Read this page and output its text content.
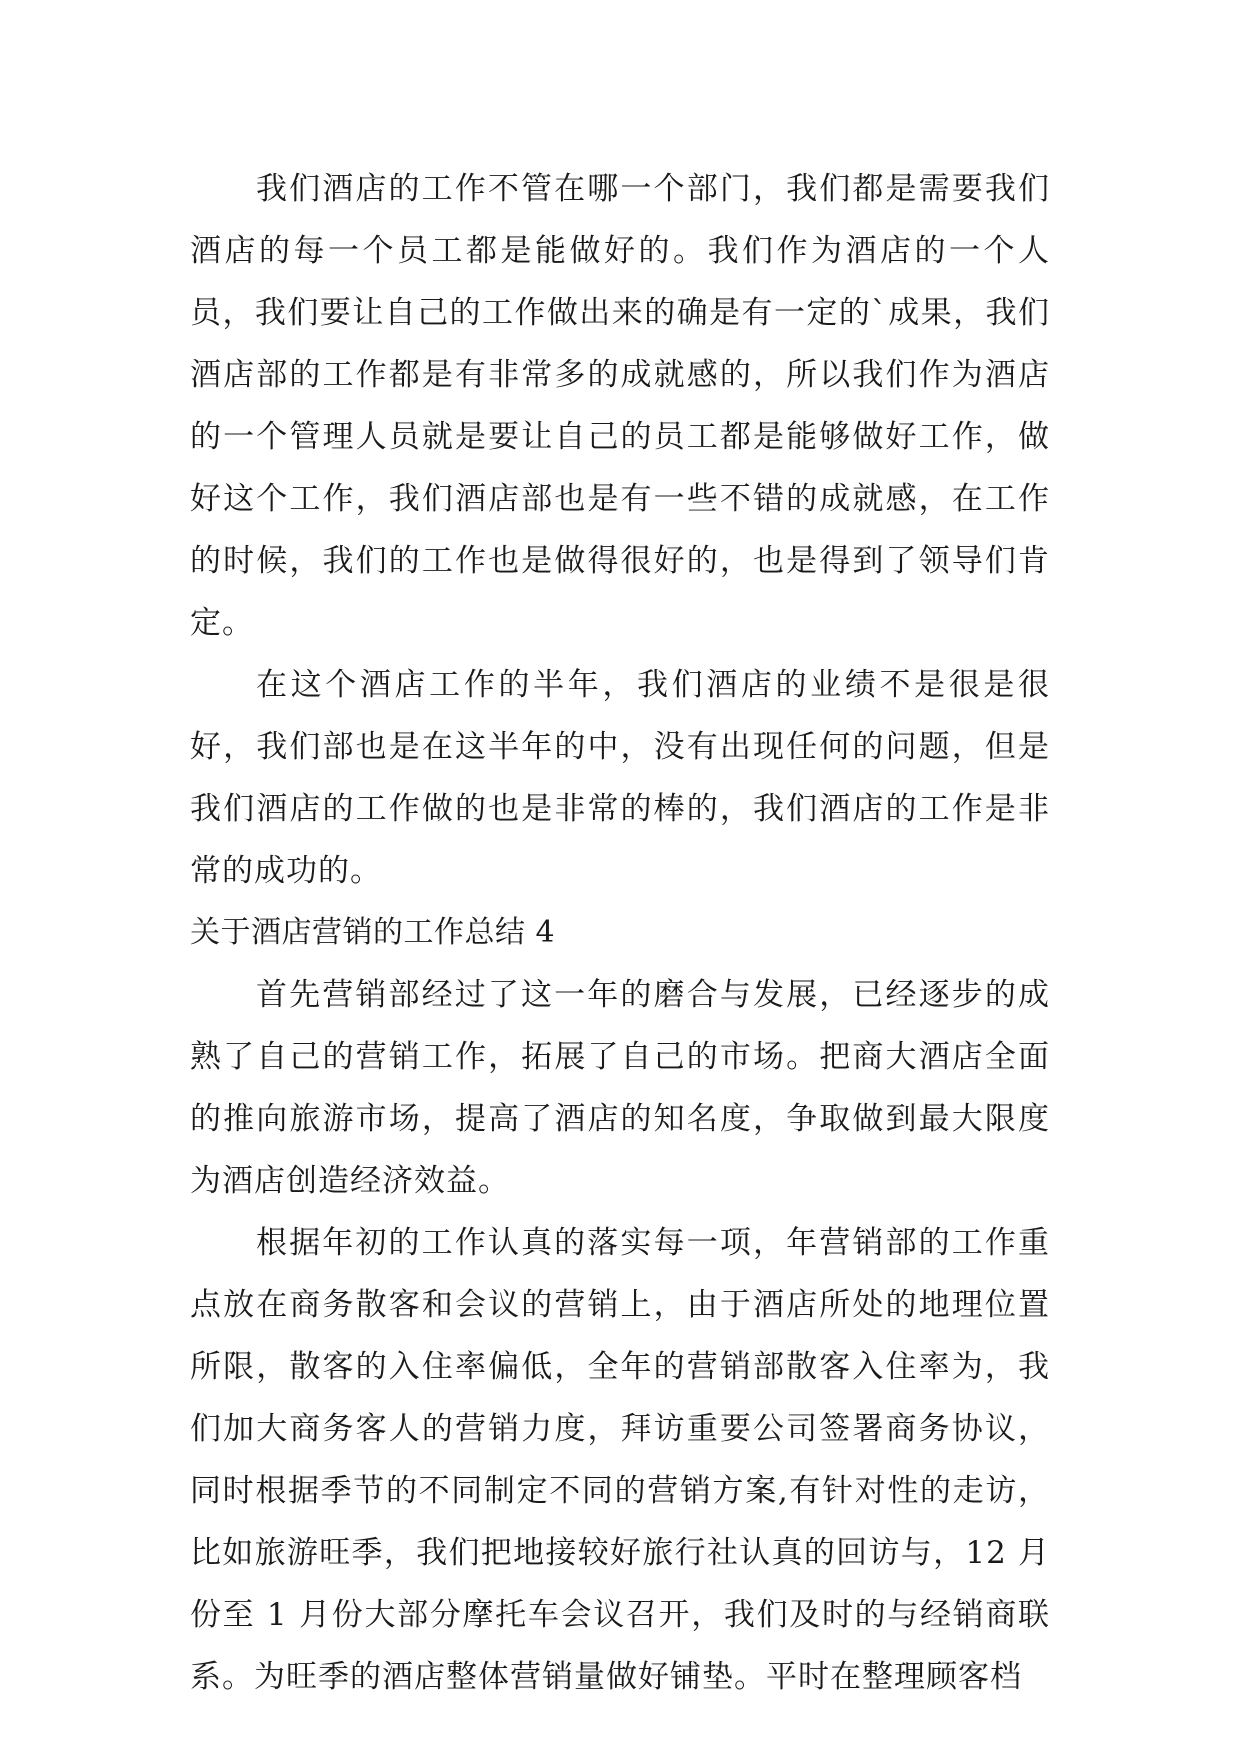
我们酒店的工作不管在哪一个部门，我们都是需要我们酒店的每一个员工都是能做好的。我们作为酒店的一个人员，我们要让自己的工作做出来的确是有一定的`成果，我们酒店部的工作都是有非常多的成就感的，所以我们作为酒店的一个管理人员就是要让自己的员工都是能够做好工作，做好这个工作，我们酒店部也是有一些不错的成就感，在工作的时候，我们的工作也是做得很好的，也是得到了领导们肯定。

在这个酒店工作的半年，我们酒店的业绩不是很是很好，我们部也是在这半年的中，没有出现任何的问题，但是我们酒店的工作做的也是非常的棒的，我们酒店的工作是非常的成功的。

关于酒店营销的工作总结 4

首先营销部经过了这一年的磨合与发展，已经逐步的成熟了自己的营销工作，拓展了自己的市场。把商大酒店全面的推向旅游市场，提高了酒店的知名度，争取做到最大限度为酒店创造经济效益。

根据年初的工作认真的落实每一项，年营销部的工作重点放在商务散客和会议的营销上，由于酒店所处的地理位置所限，散客的入住率偏低，全年的营销部散客入住率为，我们加大商务客人的营销力度，拜访重要公司签署商务协议，同时根据季节的不同制定不同的营销方案,有针对性的走访，比如旅游旺季，我们把地接较好旅行社认真的回访与，12 月份至 1 月份大部分摩托车会议召开，我们及时的与经销商联系。为旺季的酒店整体营销量做好铺垫。平时在整理顾客档
